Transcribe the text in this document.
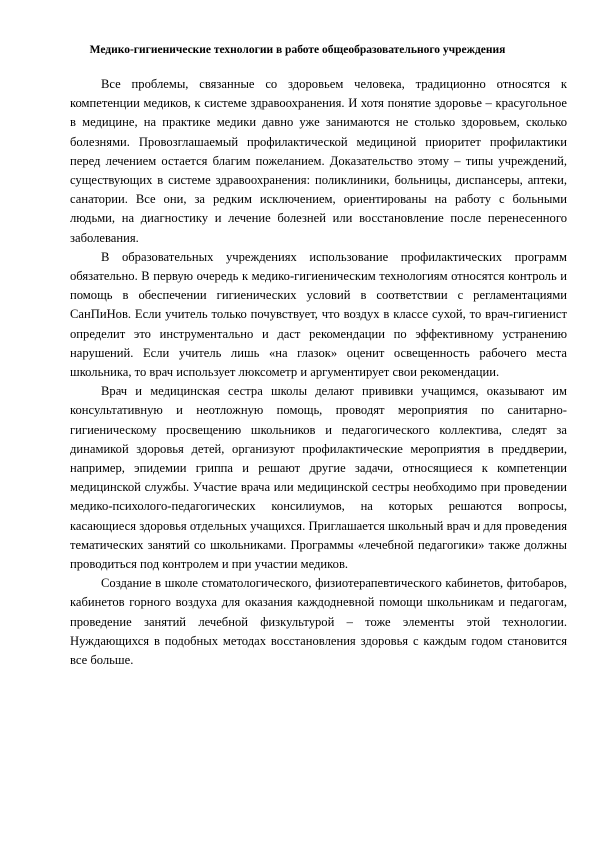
Медико-гигиенические технологии в работе общеобразовательного учреждения

Все проблемы, связанные со здоровьем человека, традиционно относятся к компетенции медиков, к системе здравоохранения. И хотя понятие здоровье – красугольное в медицине, на практике медики давно уже занимаются не столько здоровьем, сколько болезнями. Провозглашаемый профилактической медициной приоритет профилактики перед лечением остается благим пожеланием. Доказательство этому – типы учреждений, существующих в системе здравоохранения: поликлиники, больницы, диспансеры, аптеки, санатории. Все они, за редким исключением, ориентированы на работу с больными людьми, на диагностику и лечение болезней или восстановление после перенесенного заболевания.

В образовательных учреждениях использование профилактических программ обязательно. В первую очередь к медико-гигиеническим технологиям относятся контроль и помощь в обеспечении гигиенических условий в соответствии с регламентациями СанПиНов. Если учитель только почувствует, что воздух в классе сухой, то врач-гигиенист определит это инструментально и даст рекомендации по эффективному устранению нарушений. Если учитель лишь «на глазок» оценит освещенность рабочего места школьника, то врач использует люксометр и аргументирует свои рекомендации.

Врач и медицинская сестра школы делают прививки учащимся, оказывают им консультативную и неотложную помощь, проводят мероприятия по санитарно-гигиеническому просвещению школьников и педагогического коллектива, следят за динамикой здоровья детей, организуют профилактические мероприятия в преддверии, например, эпидемии гриппа и решают другие задачи, относящиеся к компетенции медицинской службы. Участие врача или медицинской сестры необходимо при проведении медико-психолого-педагогических консилиумов, на которых решаются вопросы, касающиеся здоровья отдельных учащихся. Приглашается школьный врач и для проведения тематических занятий со школьниками. Программы «лечебной педагогики» также должны проводиться под контролем и при участии медиков.

Создание в школе стоматологического, физиотерапевтического кабинетов, фитобаров, кабинетов горного воздуха для оказания каждодневной помощи школьникам и педагогам, проведение занятий лечебной физкультурой – тоже элементы этой технологии. Нуждающихся в подобных методах восстановления здоровья с каждым годом становится все больше.
